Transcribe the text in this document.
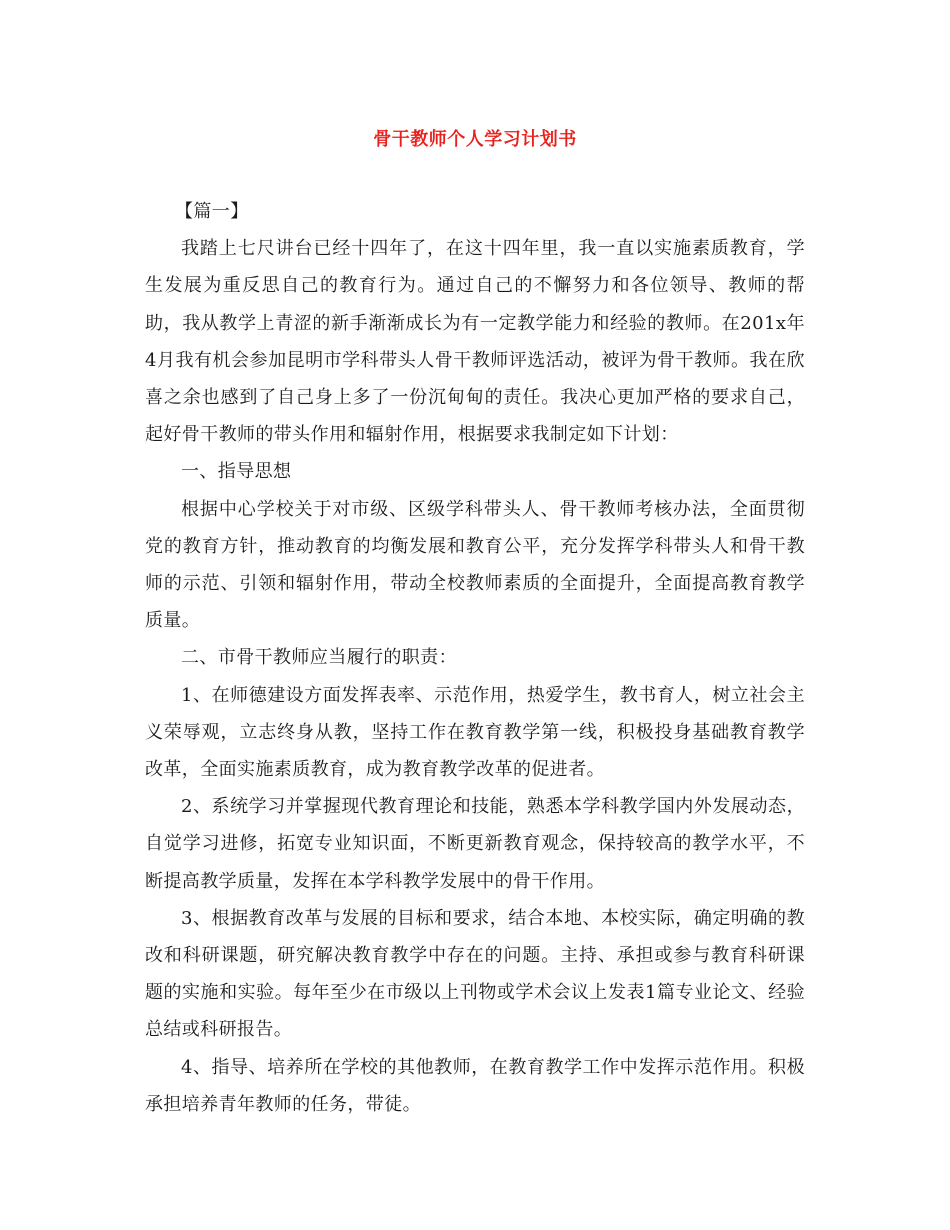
骨干教师个人学习计划书

【篇一】

我踏上七尺讲台已经十四年了，在这十四年里，我一直以实施素质教育，学生发展为重反思自己的教育行为。通过自己的不懈努力和各位领导、教师的帮助，我从教学上青涩的新手渐渐成长为有一定教学能力和经验的教师。在201x年4月我有机会参加昆明市学科带头人骨干教师评选活动，被评为骨干教师。我在欣喜之余也感到了自己身上多了一份沉甸甸的责任。我决心更加严格的要求自己，起好骨干教师的带头作用和辐射作用，根据要求我制定如下计划：

一、指导思想

根据中心学校关于对市级、区级学科带头人、骨干教师考核办法，全面贯彻党的教育方针，推动教育的均衡发展和教育公平，充分发挥学科带头人和骨干教师的示范、引领和辐射作用，带动全校教师素质的全面提升，全面提高教育教学质量。

二、市骨干教师应当履行的职责：

1、在师德建设方面发挥表率、示范作用，热爱学生，教书育人，树立社会主义荣辱观，立志终身从教，坚持工作在教育教学第一线，积极投身基础教育教学改革，全面实施素质教育，成为教育教学改革的促进者。

2、系统学习并掌握现代教育理论和技能，熟悉本学科教学国内外发展动态，自觉学习进修，拓宽专业知识面，不断更新教育观念，保持较高的教学水平，不断提高教学质量，发挥在本学科教学发展中的骨干作用。

3、根据教育改革与发展的目标和要求，结合本地、本校实际，确定明确的教改和科研课题，研究解决教育教学中存在的问题。主持、承担或参与教育科研课题的实施和实验。每年至少在市级以上刊物或学术会议上发表1篇专业论文、经验总结或科研报告。

4、指导、培养所在学校的其他教师，在教育教学工作中发挥示范作用。积极承担培养青年教师的任务，带徒。
